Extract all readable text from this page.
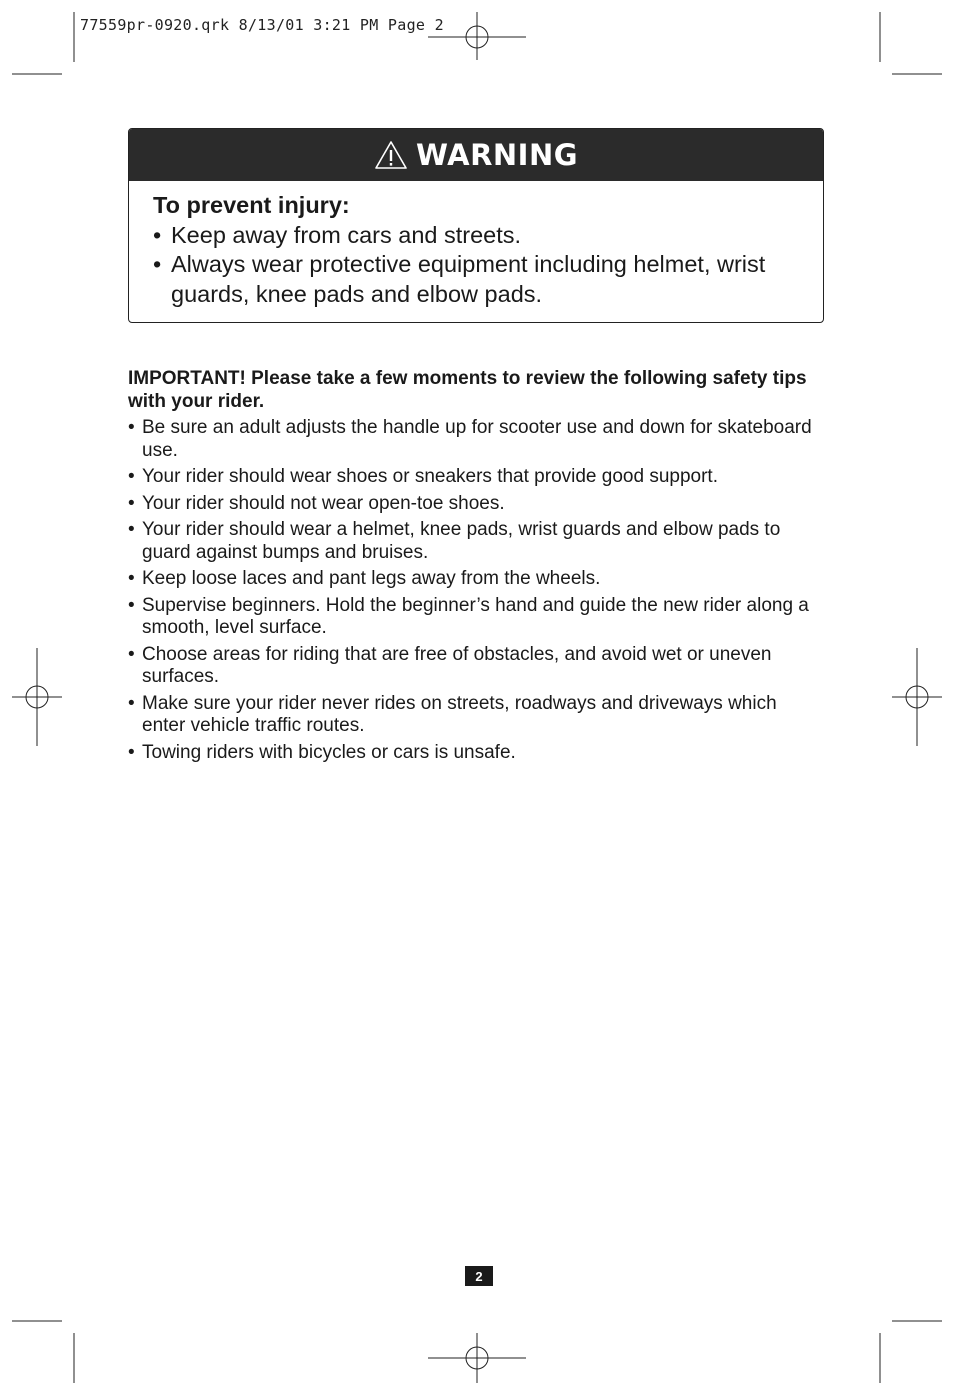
77559pr-0920.qrk 8/13/01 3:21 PM Page 2
WARNING
To prevent injury:
• Keep away from cars and streets.
• Always wear protective equipment including helmet, wrist guards, knee pads and elbow pads.
IMPORTANT! Please take a few moments to review the following safety tips with your rider.
• Be sure an adult adjusts the handle up for scooter use and down for skateboard use.
• Your rider should wear shoes or sneakers that provide good support.
• Your rider should not wear open-toe shoes.
• Your rider should wear a helmet, knee pads, wrist guards and elbow pads to guard against bumps and bruises.
• Keep loose laces and pant legs away from the wheels.
• Supervise beginners. Hold the beginner’s hand and guide the new rider along a smooth, level surface.
• Choose areas for riding that are free of obstacles, and avoid wet or uneven surfaces.
• Make sure your rider never rides on streets, roadways and driveways which enter vehicle traffic routes.
• Towing riders with bicycles or cars is unsafe.
2
